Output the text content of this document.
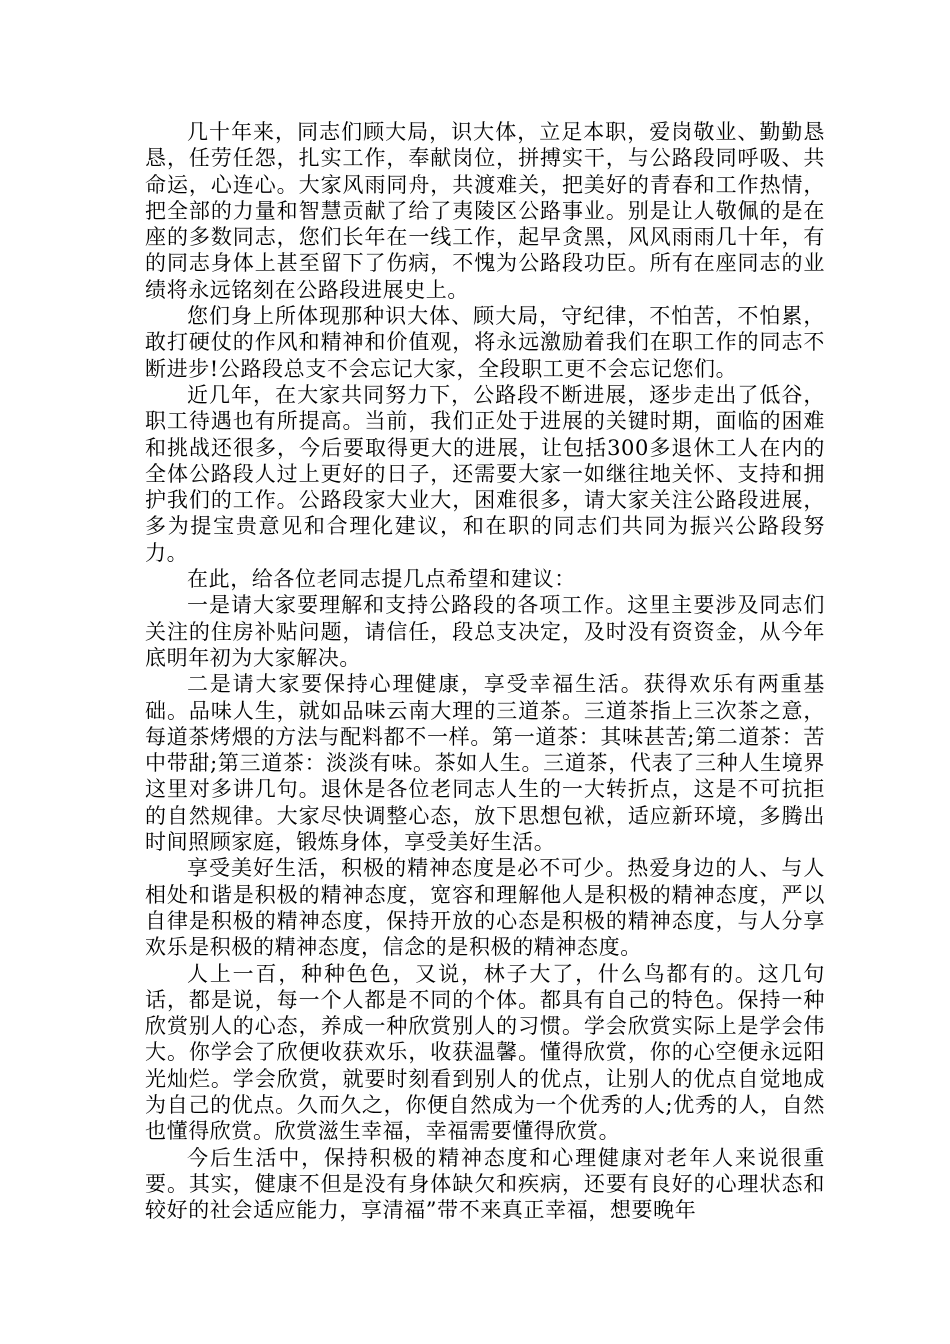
几十年来，同志们顾大局，识大体，立足本职，爱岗敬业、勤勤恳恳，任劳任怨，扎实工作，奉献岗位，拼搏实干，与公路段同呼吸、共命运，心连心。大家风雨同舟，共渡难关，把美好的青春和工作热情，把全部的力量和智慧贡献了给了夷陵区公路事业。别是让人敬佩的是在座的多数同志，您们长年在一线工作，起早贪黑，风风雨雨几十年，有的同志身体上甚至留下了伤病，不愧为公路段功臣。所有在座同志的业绩将永远铭刻在公路段进展史上。

您们身上所体现那种识大体、顾大局，守纪律，不怕苦，不怕累，敢打硬仗的作风和精神和价值观，将永远激励着我们在职工作的同志不断进步!公路段总支不会忘记大家，全段职工更不会忘记您们。

近几年，在大家共同努力下，公路段不断进展，逐步走出了低谷，职工待遇也有所提高。当前，我们正处于进展的关键时期，面临的困难和挑战还很多，今后要取得更大的进展，让包括300多退休工人在内的全体公路段人过上更好的日子，还需要大家一如继往地关怀、支持和拥护我们的工作。公路段家大业大，困难很多，请大家关注公路段进展，多为提宝贵意见和合理化建议，和在职的同志们共同为振兴公路段努力。

在此，给各位老同志提几点希望和建议：

一是请大家要理解和支持公路段的各项工作。这里主要涉及同志们关注的住房补贴问题，请信任，段总支决定，及时没有资资金，从今年底明年初为大家解决。

二是请大家要保持心理健康，享受幸福生活。获得欢乐有两重基础。品味人生，就如品味云南大理的三道茶。三道茶指上三次茶之意，每道茶烤煨的方法与配料都不一样。第一道茶：其味甚苦;第二道茶：苦中带甜;第三道茶：淡淡有味。茶如人生。三道茶，代表了三种人生境界这里对多讲几句。退休是各位老同志人生的一大转折点，这是不可抗拒的自然规律。大家尽快调整心态，放下思想包袱，适应新环境，多腾出时间照顾家庭，锻炼身体，享受美好生活。

享受美好生活，积极的精神态度是必不可少。热爱身边的人、与人相处和谐是积极的精神态度，宽容和理解他人是积极的精神态度，严以自律是积极的精神态度，保持开放的心态是积极的精神态度，与人分享欢乐是积极的精神态度，信念的是积极的精神态度。

人上一百，种种色色，又说，林子大了，什么鸟都有的。这几句话，都是说，每一个人都是不同的个体。都具有自己的特色。保持一种欣赏别人的心态，养成一种欣赏别人的习惯。学会欣赏实际上是学会伟大。你学会了欣便收获欢乐，收获温馨。懂得欣赏，你的心空便永远阳光灿烂。学会欣赏，就要时刻看到别人的优点，让别人的优点自觉地成为自己的优点。久而久之，你便自然成为一个优秀的人;优秀的人，自然也懂得欣赏。欣赏滋生幸福，幸福需要懂得欣赏。

今后生活中，保持积极的精神态度和心理健康对老年人来说很重要。其实，健康不但是没有身体缺欠和疾病，还要有良好的心理状态和较好的社会适应能力，享清福”带不来真正幸福，想要晚年
